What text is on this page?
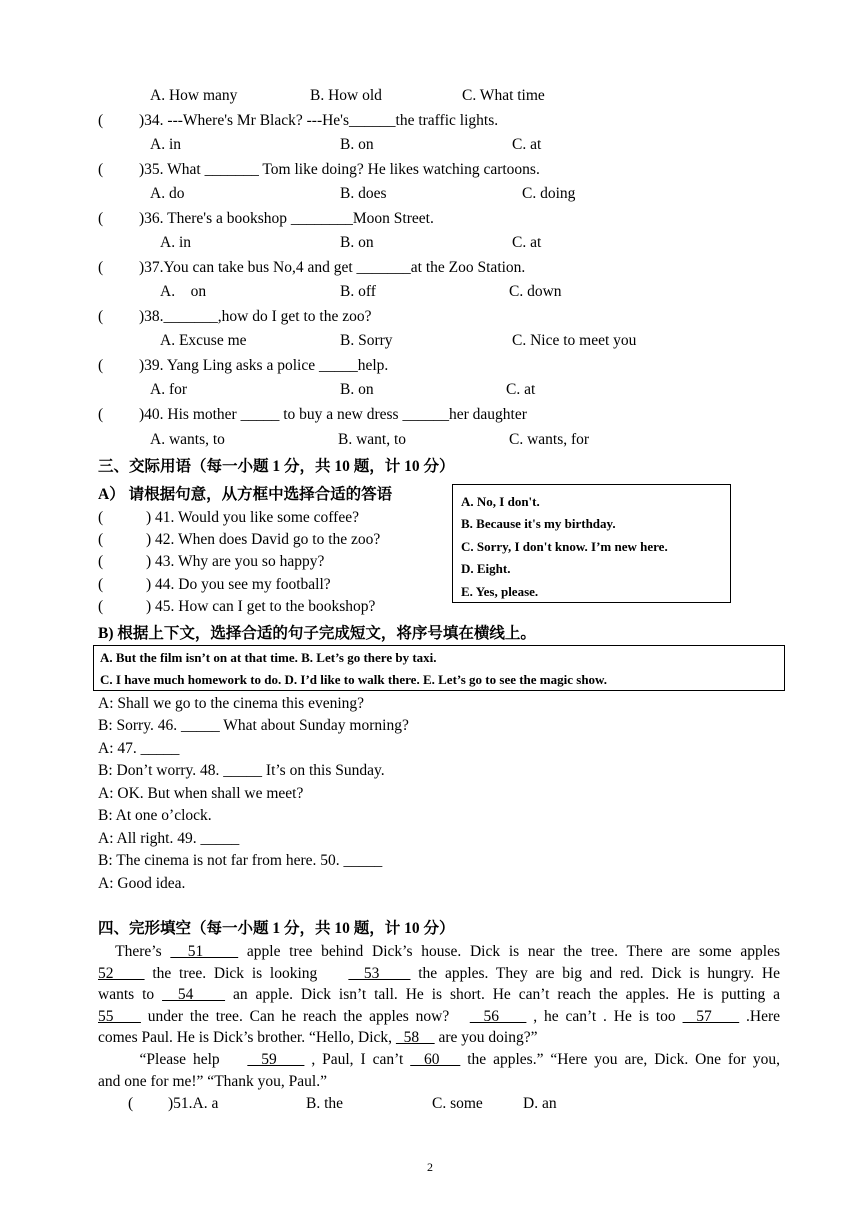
A. How many	B. How old	C. What time
( )34. ---Where's Mr Black? ---He's______the traffic lights.
A. in	B. on	C. at
( )35. What _______ Tom like doing? He likes watching cartoons.
A. do	B. does	C. doing
( )36. There's a bookshop ________Moon Street.
A. in	B. on	C. at
( )37.You can take bus No,4 and get _______at the Zoo Station.
A.    on	B. off	C. down
( )38._______,how do I get to the zoo?
A. Excuse me	B. Sorry	C. Nice to meet you
( )39. Yang Ling asks a police _____help.
A. for	B. on	C. at
( )40. His mother _____ to buy a new dress ______her daughter
A. wants, to	B. want, to	C. wants, for
三、交际用语（每一小题 1 分，共 10 题，计 10 分）
A） 请根据句意，从方框中选择合适的答语
(	) 41. Would you like some coffee?
(	) 42. When does David go to the zoo?
(	) 43. Why are you so happy?
(	) 44. Do you see my football?
(	) 45. How can I get to the bookshop?
A. No, I don't.
B. Because it's my birthday.
C. Sorry, I don't know. I’m new here.
D. Eight.
E. Yes, please.
B) 根据上下文，选择合适的句子完成短文，将序号填在横线上。
A. But the film isn’t on at that time. B. Let’s go there by taxi.
C. I have much homework to do. D. I’d like to walk there. E. Let’s go to see the magic show.
A: Shall we go to the cinema this evening?
B: Sorry. 46. _____ What about Sunday morning?
A: 47. _____
B: Don’t worry. 48. _____ It’s on this Sunday.
A: OK. But when shall we meet?
B: At one o’clock.
A: All right. 49. _____
B: The cinema is not far from here. 50. _____
A: Good idea.
四、完形填空（每一小题 1 分，共 10 题，计 10 分）
There’s   51     apple tree behind Dick’s house. Dick is near the tree. There are some apples
52     the tree. Dick is looking      53     the apples. They are big and red. Dick is hungry. He
wants to   54     an apple. Dick isn’t tall. He is short. He can’t reach the apples. He is putting a
55     under the tree. Can he reach the apples now?     56     , he can’t . He is too   57     .Here
comes Paul. He is Dick’s brother. “Hello, Dick,   58     are you doing?”
“Please help      59     , Paul, I can’t   60    the apples.” “Here you are, Dick. One for you,
and one for me!” “Thank you, Paul.”
( )51.A. a	B. the	C. some	D. an
2
